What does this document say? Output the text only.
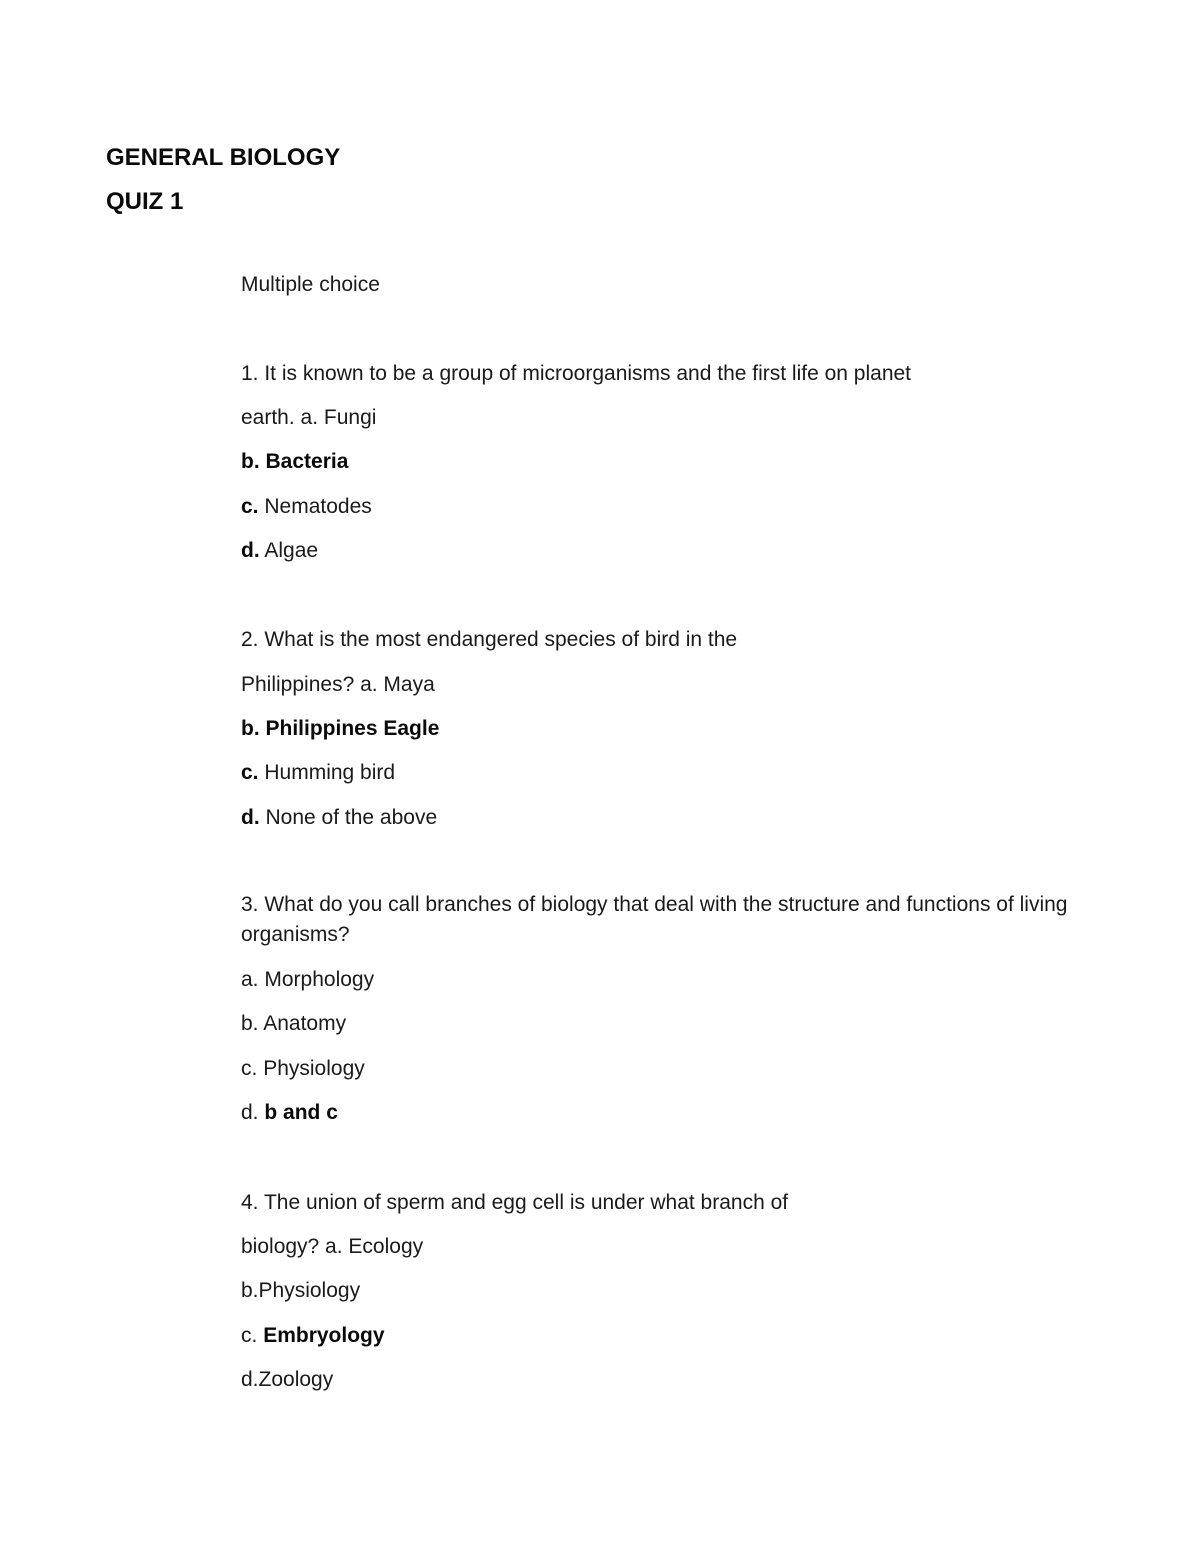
GENERAL BIOLOGY
QUIZ 1
Multiple choice
1. It is known to be a group of microorganisms and the first life on planet
earth. a. Fungi
b. Bacteria
c. Nematodes
d. Algae
2. What is the most endangered species of bird in the
Philippines? a. Maya
b. Philippines Eagle
c. Humming bird
d. None of the above
3. What do you call branches of biology that deal with the structure and functions of living organisms?
a. Morphology
b. Anatomy
c. Physiology
d. b and c
4. The union of sperm and egg cell is under what branch of
biology? a. Ecology
b.Physiology
c. Embryology
d.Zoology
